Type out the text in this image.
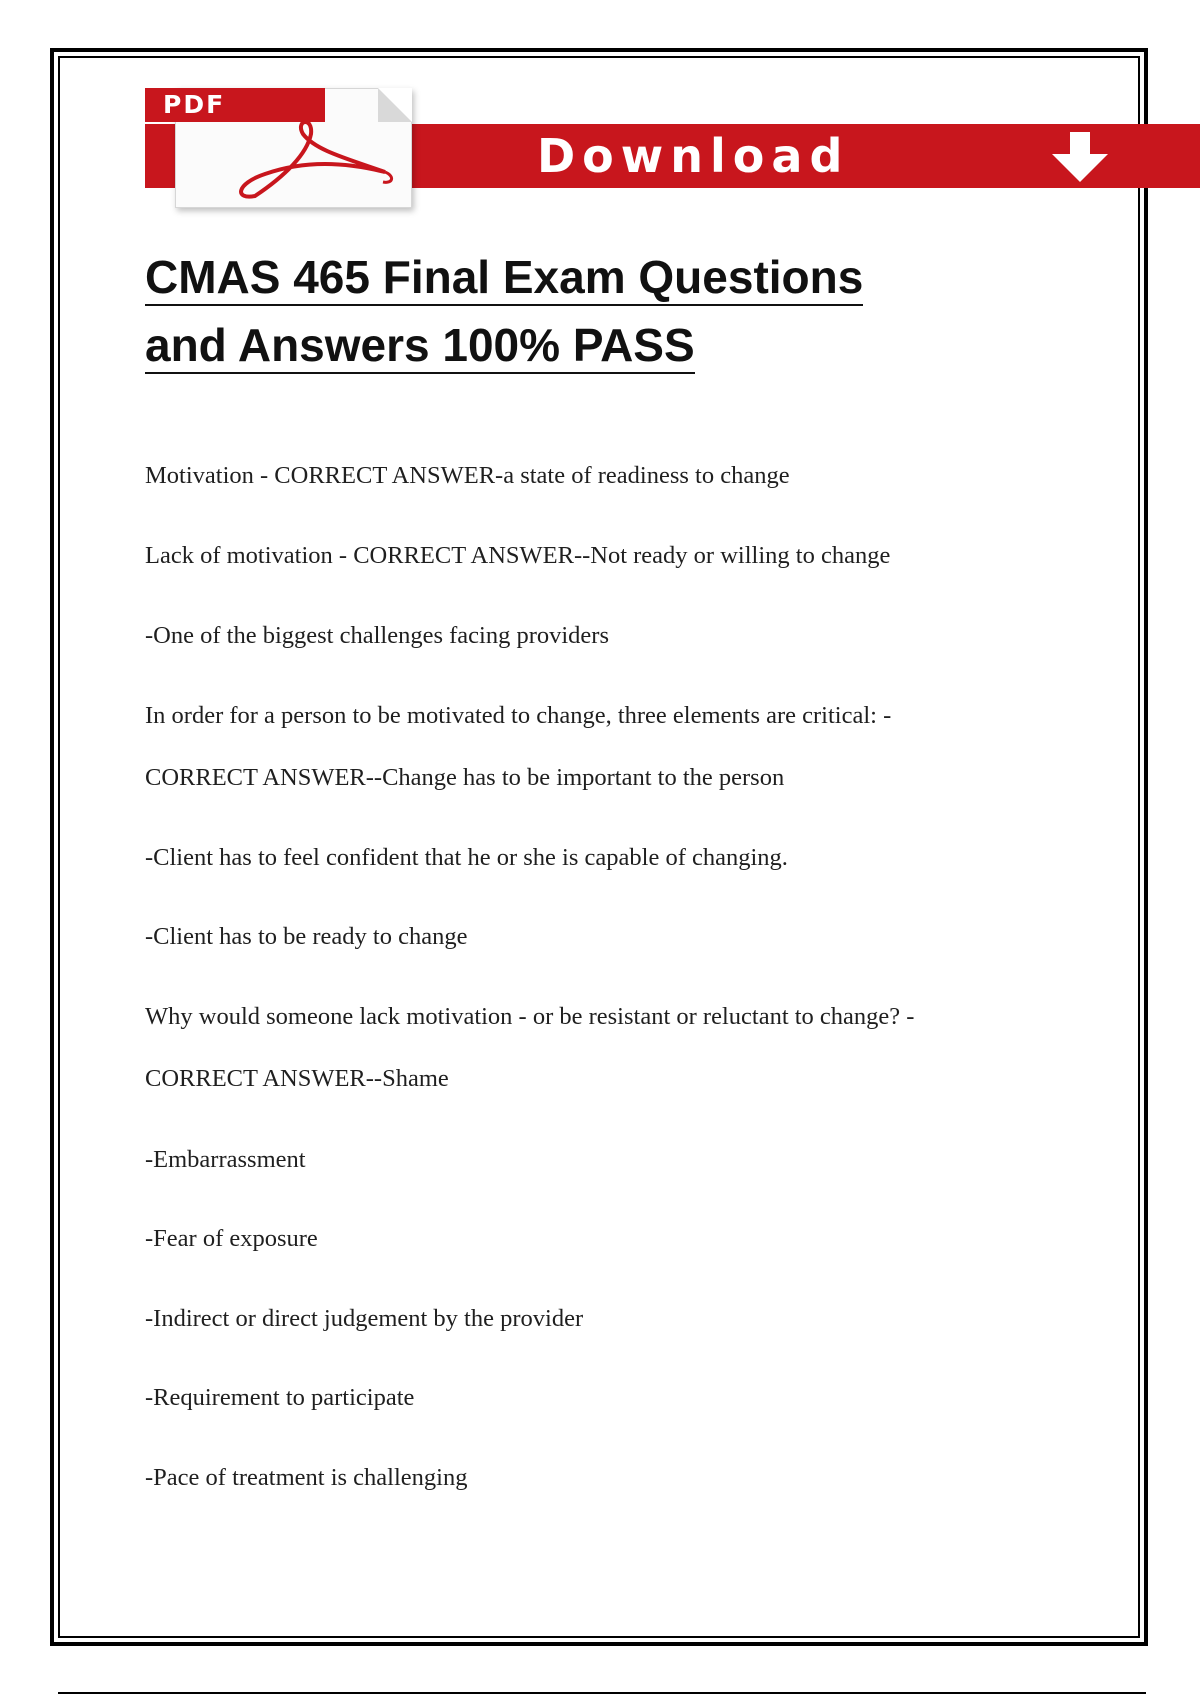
PDF
Download
CMAS 465 Final Exam Questions
and Answers 100% PASS
Motivation - CORRECT ANSWER-a state of readiness to change
Lack of motivation - CORRECT ANSWER--Not ready or willing to change
-One of the biggest challenges facing providers
In order for a person to be motivated to change, three elements are critical: -
CORRECT ANSWER--Change has to be important to the person
-Client has to feel confident that he or she is capable of changing.
-Client has to be ready to change
Why would someone lack motivation - or be resistant or reluctant to change? -
CORRECT ANSWER--Shame
-Embarrassment
-Fear of exposure
-Indirect or direct judgement by the provider
-Requirement to participate
-Pace of treatment is challenging
